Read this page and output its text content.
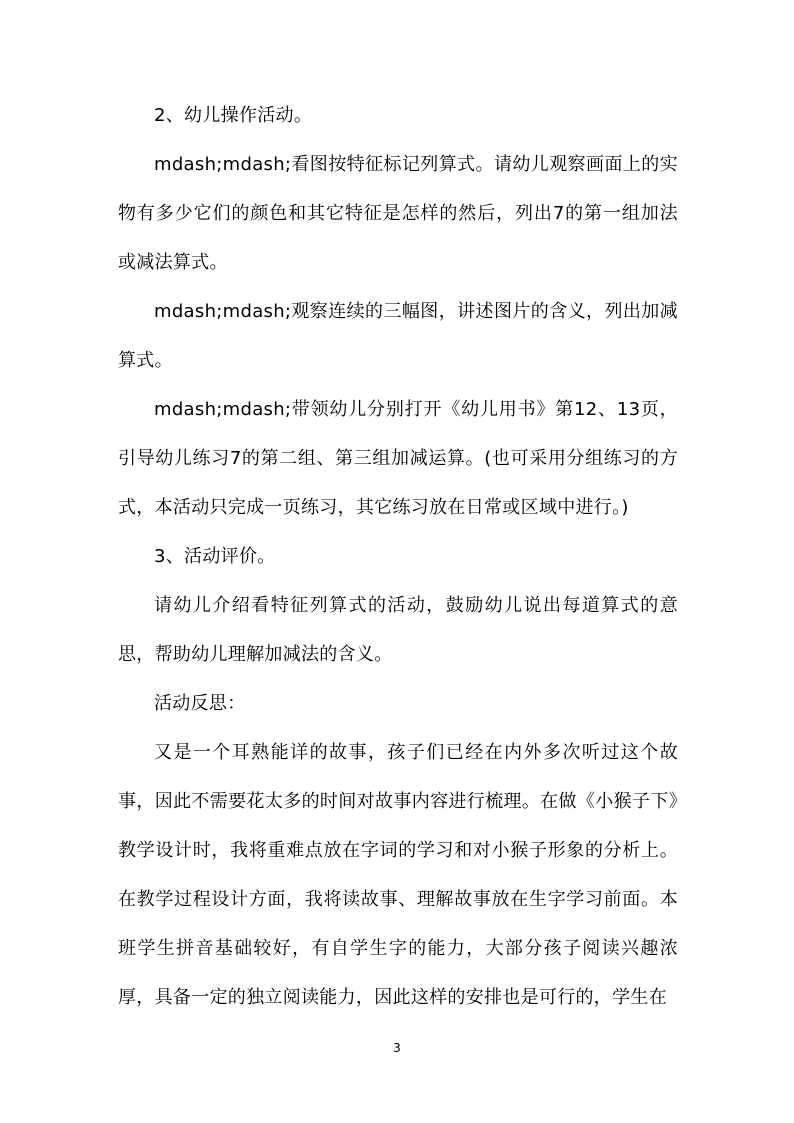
2、幼儿操作活动。

mdash;mdash;看图按特征标记列算式。请幼儿观察画面上的实物有多少它们的颜色和其它特征是怎样的然后，列出7的第一组加法或减法算式。

mdash;mdash;观察连续的三幅图，讲述图片的含义，列出加减算式。

mdash;mdash;带领幼儿分别打开《幼儿用书》第12、13页，引导幼儿练习7的第二组、第三组加减运算。(也可采用分组练习的方式，本活动只完成一页练习，其它练习放在日常或区域中进行。)

3、活动评价。

请幼儿介绍看特征列算式的活动，鼓励幼儿说出每道算式的意思，帮助幼儿理解加减法的含义。

活动反思：

又是一个耳熟能详的故事，孩子们已经在内外多次听过这个故事，因此不需要花太多的时间对故事内容进行梳理。在做《小猴子下》教学设计时，我将重难点放在字词的学习和对小猴子形象的分析上。在教学过程设计方面，我将读故事、理解故事放在生字学习前面。本班学生拼音基础较好，有自学生字的能力，大部分孩子阅读兴趣浓厚，具备一定的独立阅读能力，因此这样的安排也是可行的，学生在

3
